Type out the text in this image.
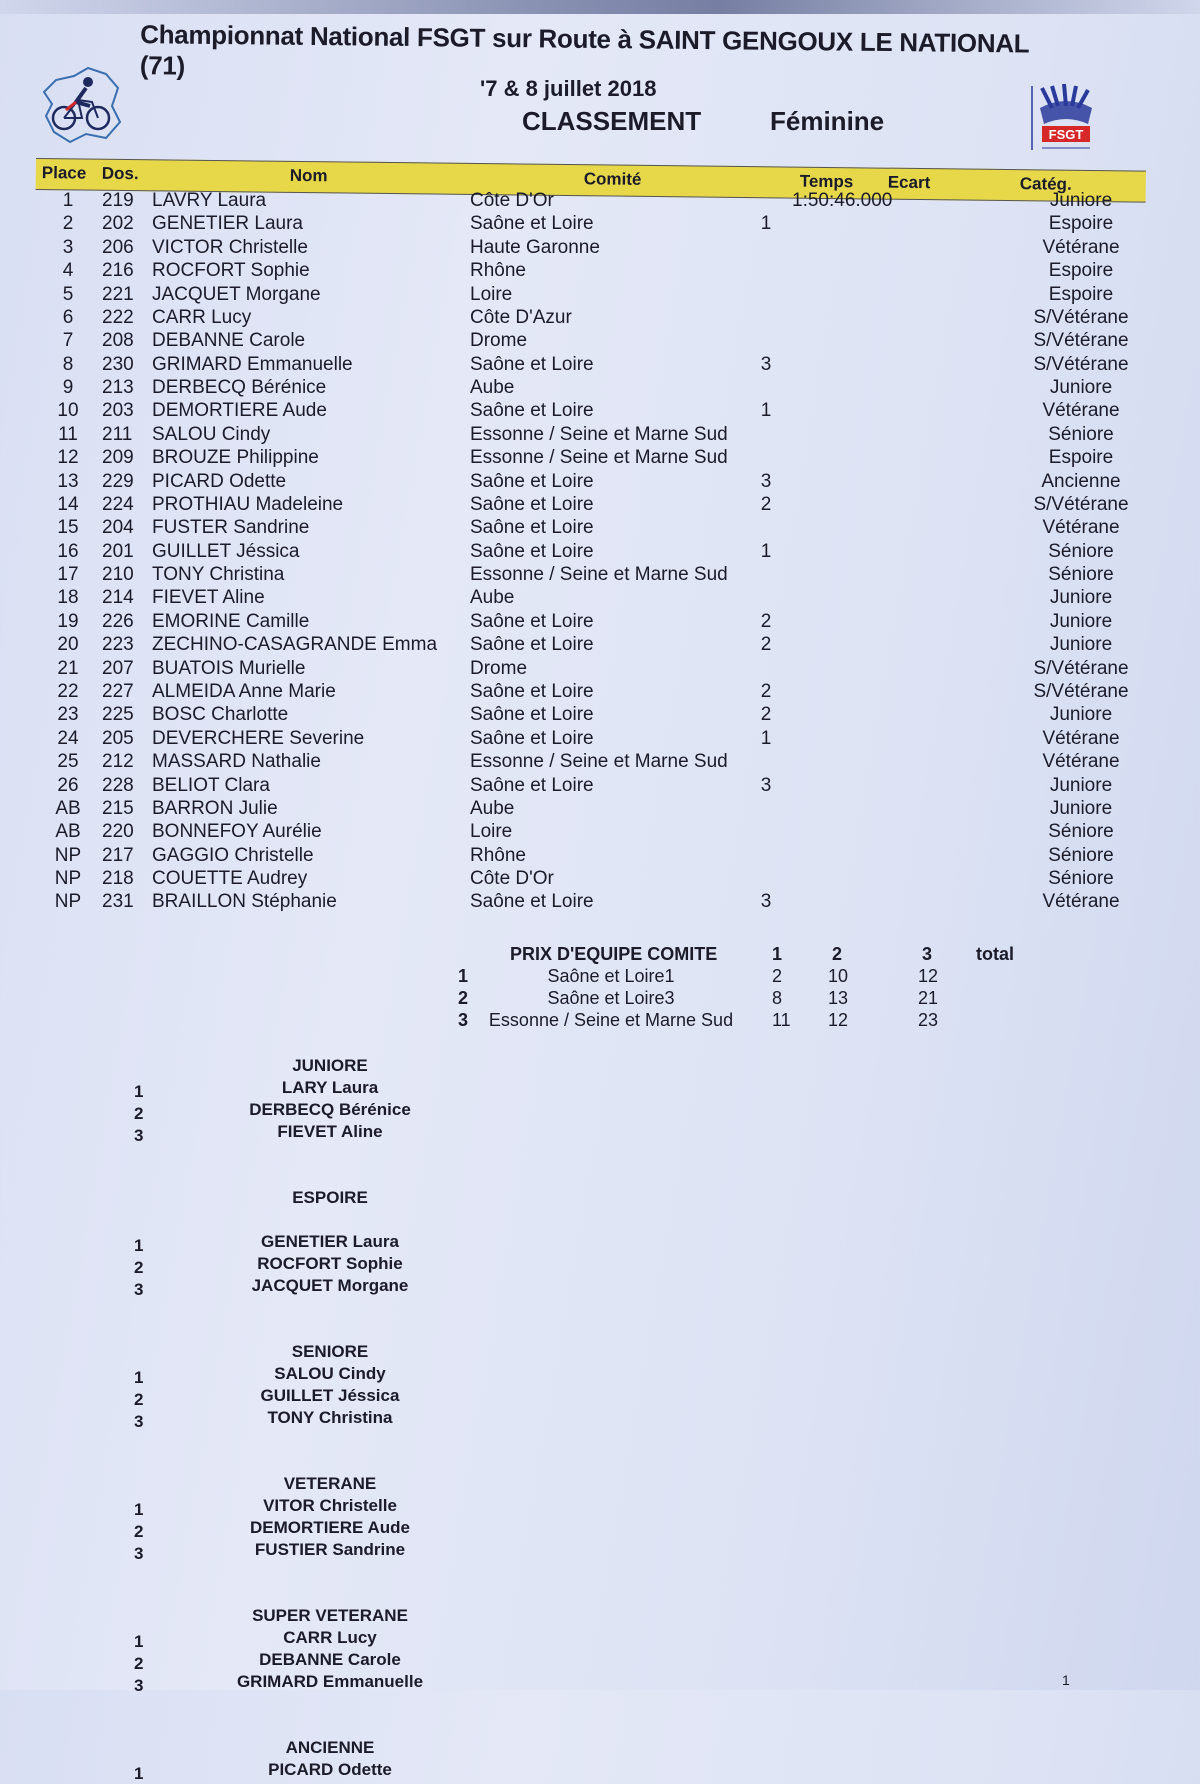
Championnat National FSGT sur Route à SAINT GENGOUX LE NATIONAL (71)
'7 & 8 juillet 2018
CLASSEMENT	Féminine	FSGT
Place Dos.	Nom	Comité	Temps Ecart	Catég.
1	219 LAVRY Laura	Côte D'Or	1:50:46.000	Juniore
2	202 GENETIER Laura	Saône et Loire	1	Espoire
3	206 VICTOR Christelle	Haute Garonne	Vétérane
4	216 ROCFORT Sophie	Rhône	Espoire
5	221 JACQUET Morgane	Loire	Espoire
6	222 CARR Lucy	Côte D'Azur	S/Vétérane
7	208 DEBANNE Carole	Drome	S/Vétérane
8	230 GRIMARD Emmanuelle	Saône et Loire	3	S/Vétérane
9	213 DERBECQ Bérénice	Aube	Juniore
10	203 DEMORTIERE Aude	Saône et Loire	1	Vétérane
11	211 SALOU Cindy	Essonne / Seine et Marne Sud	Séniore
12	209 BROUZE Philippine	Essonne / Seine et Marne Sud	Espoire
13	229 PICARD Odette	Saône et Loire	3	Ancienne
14	224 PROTHIAU Madeleine	Saône et Loire	2	S/Vétérane
15	204 FUSTER Sandrine	Saône et Loire	Vétérane
16	201 GUILLET Jéssica	Saône et Loire	1	Séniore
17	210 TONY Christina	Essonne / Seine et Marne Sud	Séniore
18	214 FIEVET Aline	Aube	Juniore
19	226 EMORINE Camille	Saône et Loire	2	Juniore
20	223 ZECHINO-CASAGRANDE Emma Saône et Loire	2	Juniore
21	207 BUATOIS Murielle	Drome	S/Vétérane
22	227 ALMEIDA Anne Marie	Saône et Loire	2	S/Vétérane
23	225 BOSC Charlotte	Saône et Loire	2	Juniore
24	205 DEVERCHERE Severine	Saône et Loire	1	Vétérane
25	212 MASSARD Nathalie	Essonne / Seine et Marne Sud	Vétérane
26	228 BELIOT Clara	Saône et Loire	3	Juniore
AB	215 BARRON Julie	Aube	Juniore
AB	220 BONNEFOY Aurélie	Loire	Séniore
NP	217 GAGGIO Christelle	Rhône	Séniore
NP	218 COUETTE Audrey	Côte D'Or	Séniore
NP	231 BRAILLON Stéphanie	Saône et Loire	3	Vétérane
PRIX D'EQUIPE COMITE	1	2	3 total
1	Saône et Loire1	2	10	12
2	Saône et Loire3	8	13	21
3	Essonne / Seine et Marne Sud	11 12	23
JUNIORE
1	LARY Laura
2	DERBECQ Bérénice
3	FIEVET Aline
ESPOIRE
1	GENETIER Laura
2	ROCFORT Sophie
3	JACQUET Morgane
SENIORE
1	SALOU Cindy
2	GUILLET Jéssica
3	TONY Christina
VETERANE
1	VITOR Christelle
2	DEMORTIERE Aude
3	FUSTIER Sandrine
SUPER VETERANE
1	CARR Lucy
2	DEBANNE Carole
3	GRIMARD Emmanuelle
ANCIENNE
1	PICARD Odette
1
